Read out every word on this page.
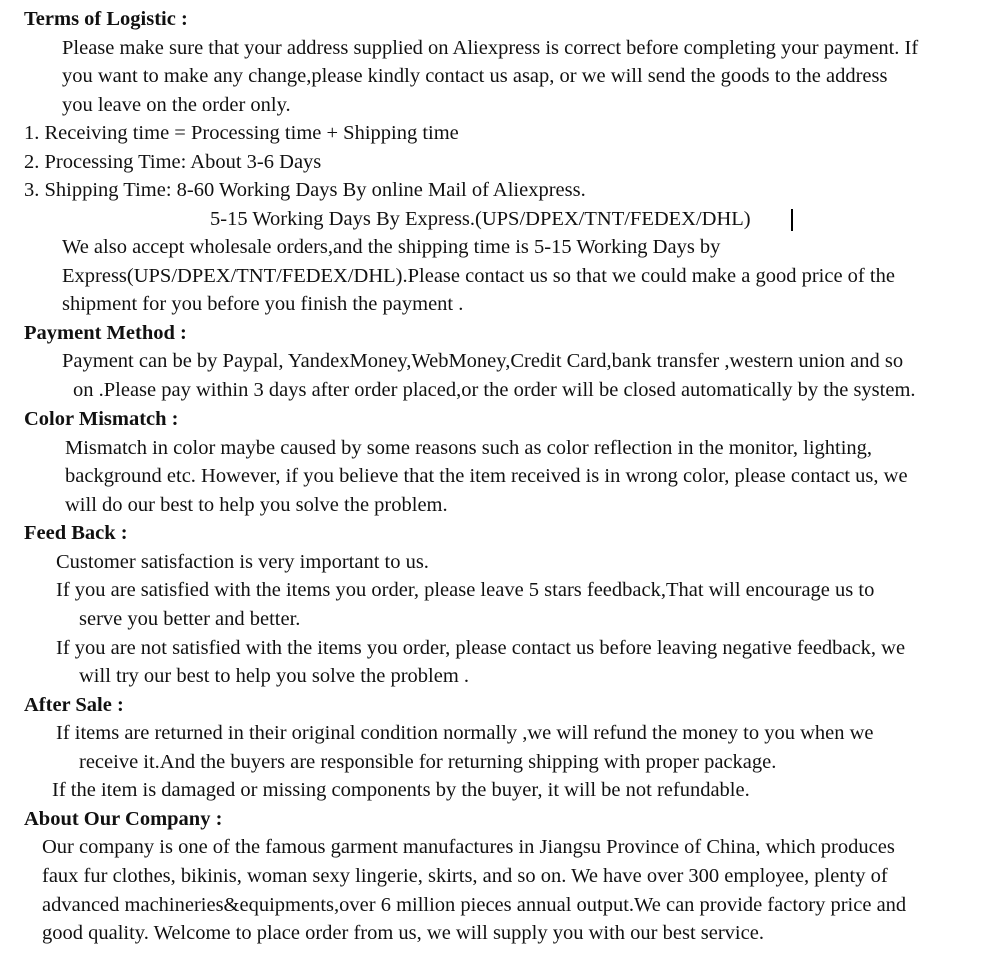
Terms of Logistic :
Please make sure that your address supplied on Aliexpress is correct before completing your payment. If
you want to make any change,please kindly contact us asap, or we will send the goods to the address
you leave on the order only.
1. Receiving time = Processing time + Shipping time
2. Processing Time: About 3-6 Days
3. Shipping Time: 8-60 Working Days By online Mail of Aliexpress.
5-15 Working Days By Express.(UPS/DPEX/TNT/FEDEX/DHL)
We also accept wholesale orders,and the shipping time is 5-15 Working Days by
Express(UPS/DPEX/TNT/FEDEX/DHL).Please contact us so that we could make a good price of the
shipment for you before you finish the payment .
Payment Method :
Payment can be by Paypal, YandexMoney,WebMoney,Credit Card,bank transfer ,western union and so
on .Please pay within 3 days after order placed,or the order will be closed automatically by the system.
Color Mismatch :
Mismatch in color maybe caused by some reasons such as color reflection in the monitor, lighting,
background etc. However, if you believe that the item received is in wrong color, please contact us, we
will do our best to help you solve the problem.
Feed Back :
Customer satisfaction is very important to us.
If you are satisfied with the items you order, please leave 5 stars feedback,That will encourage us to
serve you better and better.
If you are not satisfied with the items you order, please contact us before leaving negative feedback, we
will try our best to help you solve the problem .
After Sale :
If items are returned in their original condition normally ,we will refund the money to you when we
receive it.And the buyers are responsible for returning shipping with proper package.
If the item is damaged or missing components by the buyer, it will be not refundable.
About Our Company :
Our company is one of the famous garment manufactures in Jiangsu Province of China, which produces
faux fur clothes, bikinis, woman sexy lingerie, skirts, and so on. We have over 300 employee, plenty of
advanced machineries&equipments,over 6 million pieces annual output.We can provide factory price and
good quality. Welcome to place order from us, we will supply you with our best service.
